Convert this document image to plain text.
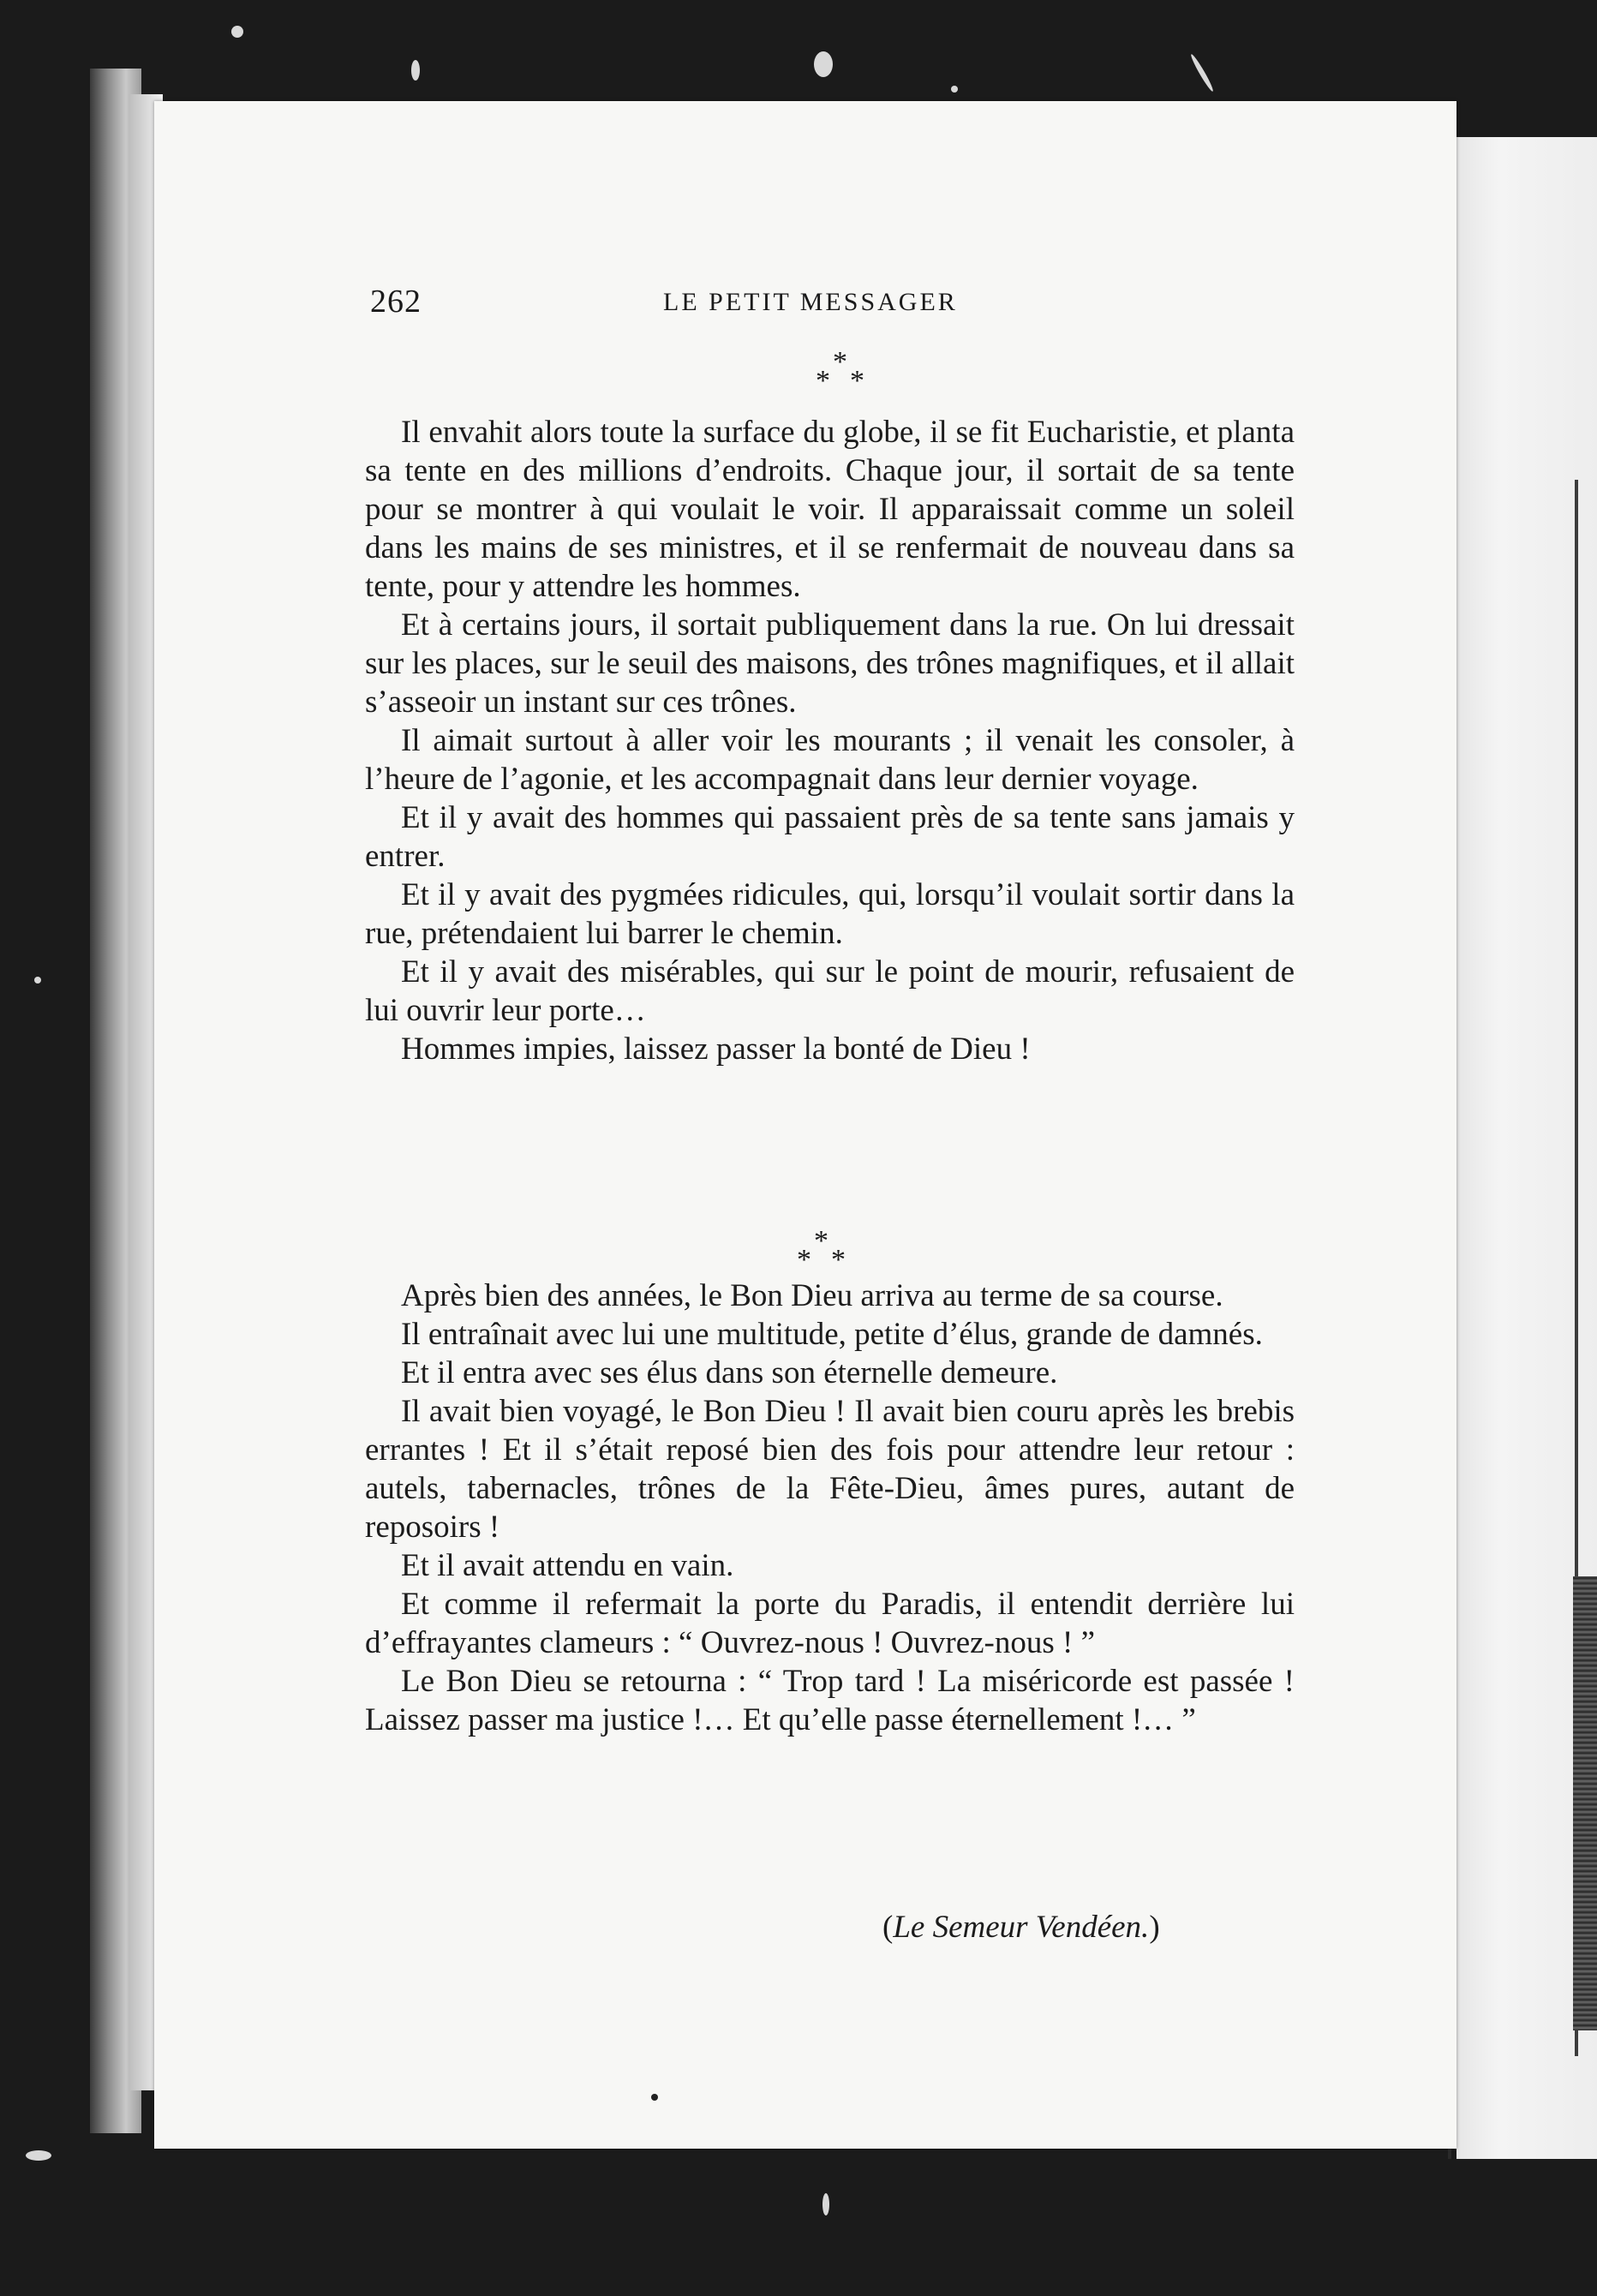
262	LE PETIT MESSAGER
*
*
*

Il envahit alors toute la surface du globe, il se fit Eucharistie, et planta sa tente en des millions d’endroits. Chaque jour, il sortait de sa tente pour se montrer à qui voulait le voir. Il apparaissait comme un soleil dans les mains de ses ministres, et il se renfermait de nouveau dans sa tente, pour y attendre les hommes.

Et à certains jours, il sortait publiquement dans la rue. On lui dressait sur les places, sur le seuil des maisons, des trônes magnifiques, et il allait s’asseoir un instant sur ces trônes.

Il aimait surtout à aller voir les mourants ; il venait les consoler, à l’heure de l’agonie, et les accompagnait dans leur dernier voyage.

Et il y avait des hommes qui passaient près de sa tente sans jamais y entrer.

Et il y avait des pygmées ridicules, qui, lorsqu’il voulait sortir dans la rue, prétendaient lui barrer le chemin.

Et il y avait des misérables, qui sur le point de mourir, refusaient de lui ouvrir leur porte…

Hommes impies, laissez passer la bonté de Dieu !

*
*
*

Après bien des années, le Bon Dieu arriva au terme de sa course.

Il entraînait avec lui une multitude, petite d’élus, grande de damnés.

Et il entra avec ses élus dans son éternelle demeure.

Il avait bien voyagé, le Bon Dieu ! Il avait bien couru après les brebis errantes ! Et il s’était reposé bien des fois pour attendre leur retour : autels, tabernacles, trônes de la Fête-Dieu, âmes pures, autant de reposoirs !

Et il avait attendu en vain.

Et comme il refermait la porte du Paradis, il entendit derrière lui d’effrayantes clameurs : “ Ouvrez-nous ! Ouvrez-nous ! ”

Le Bon Dieu se retourna : “ Trop tard ! La miséricorde est passée ! Laissez passer ma justice !… Et qu’elle passe éternellement !… ”

(Le Semeur Vendéen.)
